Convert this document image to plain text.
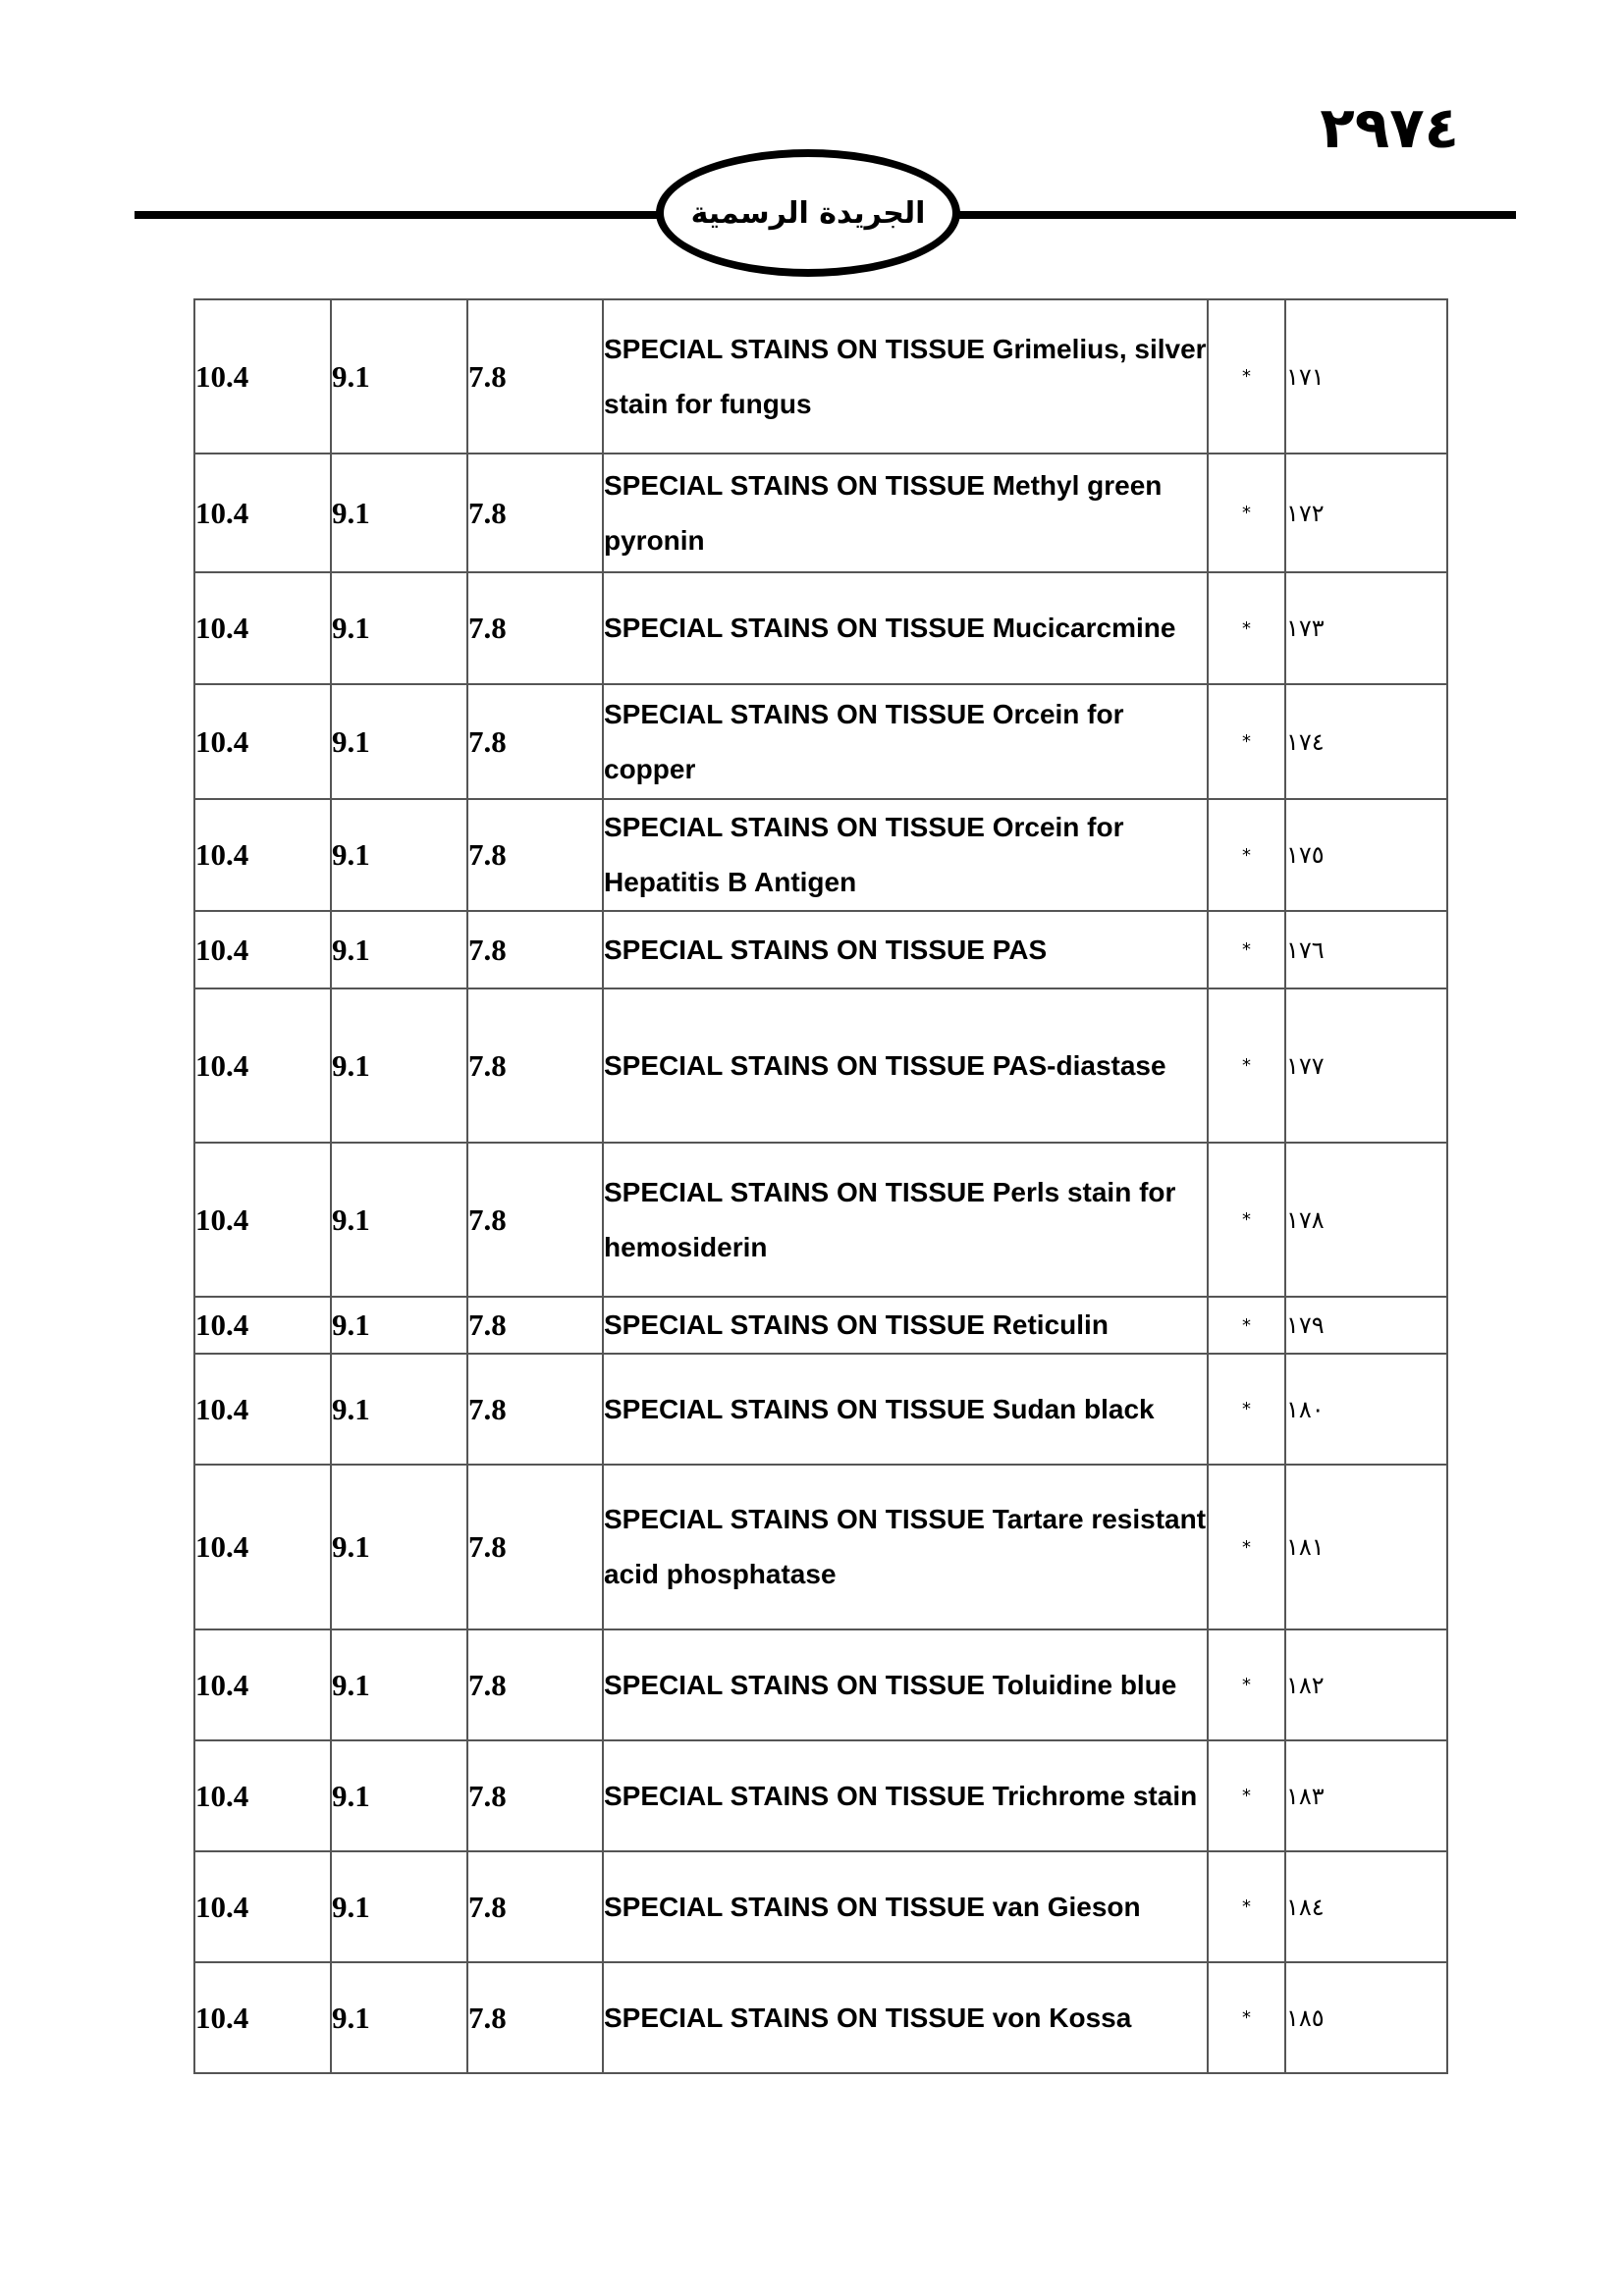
٢٩٧٤
الجريدة الرسمية
10.4	9.1	7.8	SPECIAL STAINS ON TISSUE Grimelius, silver stain for fungus	*	١٧١
10.4	9.1	7.8	SPECIAL STAINS ON TISSUE Methyl green pyronin	*	١٧٢
10.4	9.1	7.8	SPECIAL STAINS ON TISSUE Mucicarcmine	*	١٧٣
10.4	9.1	7.8	SPECIAL STAINS ON TISSUE Orcein for copper	*	١٧٤
10.4	9.1	7.8	SPECIAL STAINS ON TISSUE Orcein for Hepatitis B Antigen	*	١٧٥
10.4	9.1	7.8	SPECIAL STAINS ON TISSUE PAS	*	١٧٦
10.4	9.1	7.8	SPECIAL STAINS ON TISSUE PAS-diastase	*	١٧٧
10.4	9.1	7.8	SPECIAL STAINS ON TISSUE Perls stain for hemosiderin	*	١٧٨
10.4	9.1	7.8	SPECIAL STAINS ON TISSUE Reticulin	*	١٧٩
10.4	9.1	7.8	SPECIAL STAINS ON TISSUE Sudan black	*	١٨٠
10.4	9.1	7.8	SPECIAL STAINS ON TISSUE Tartare resistant acid phosphatase	*	١٨١
10.4	9.1	7.8	SPECIAL STAINS ON TISSUE Toluidine blue	*	١٨٢
10.4	9.1	7.8	SPECIAL STAINS ON TISSUE Trichrome stain	*	١٨٣
10.4	9.1	7.8	SPECIAL STAINS ON TISSUE van Gieson	*	١٨٤
10.4	9.1	7.8	SPECIAL STAINS ON TISSUE von Kossa	*	١٨٥
